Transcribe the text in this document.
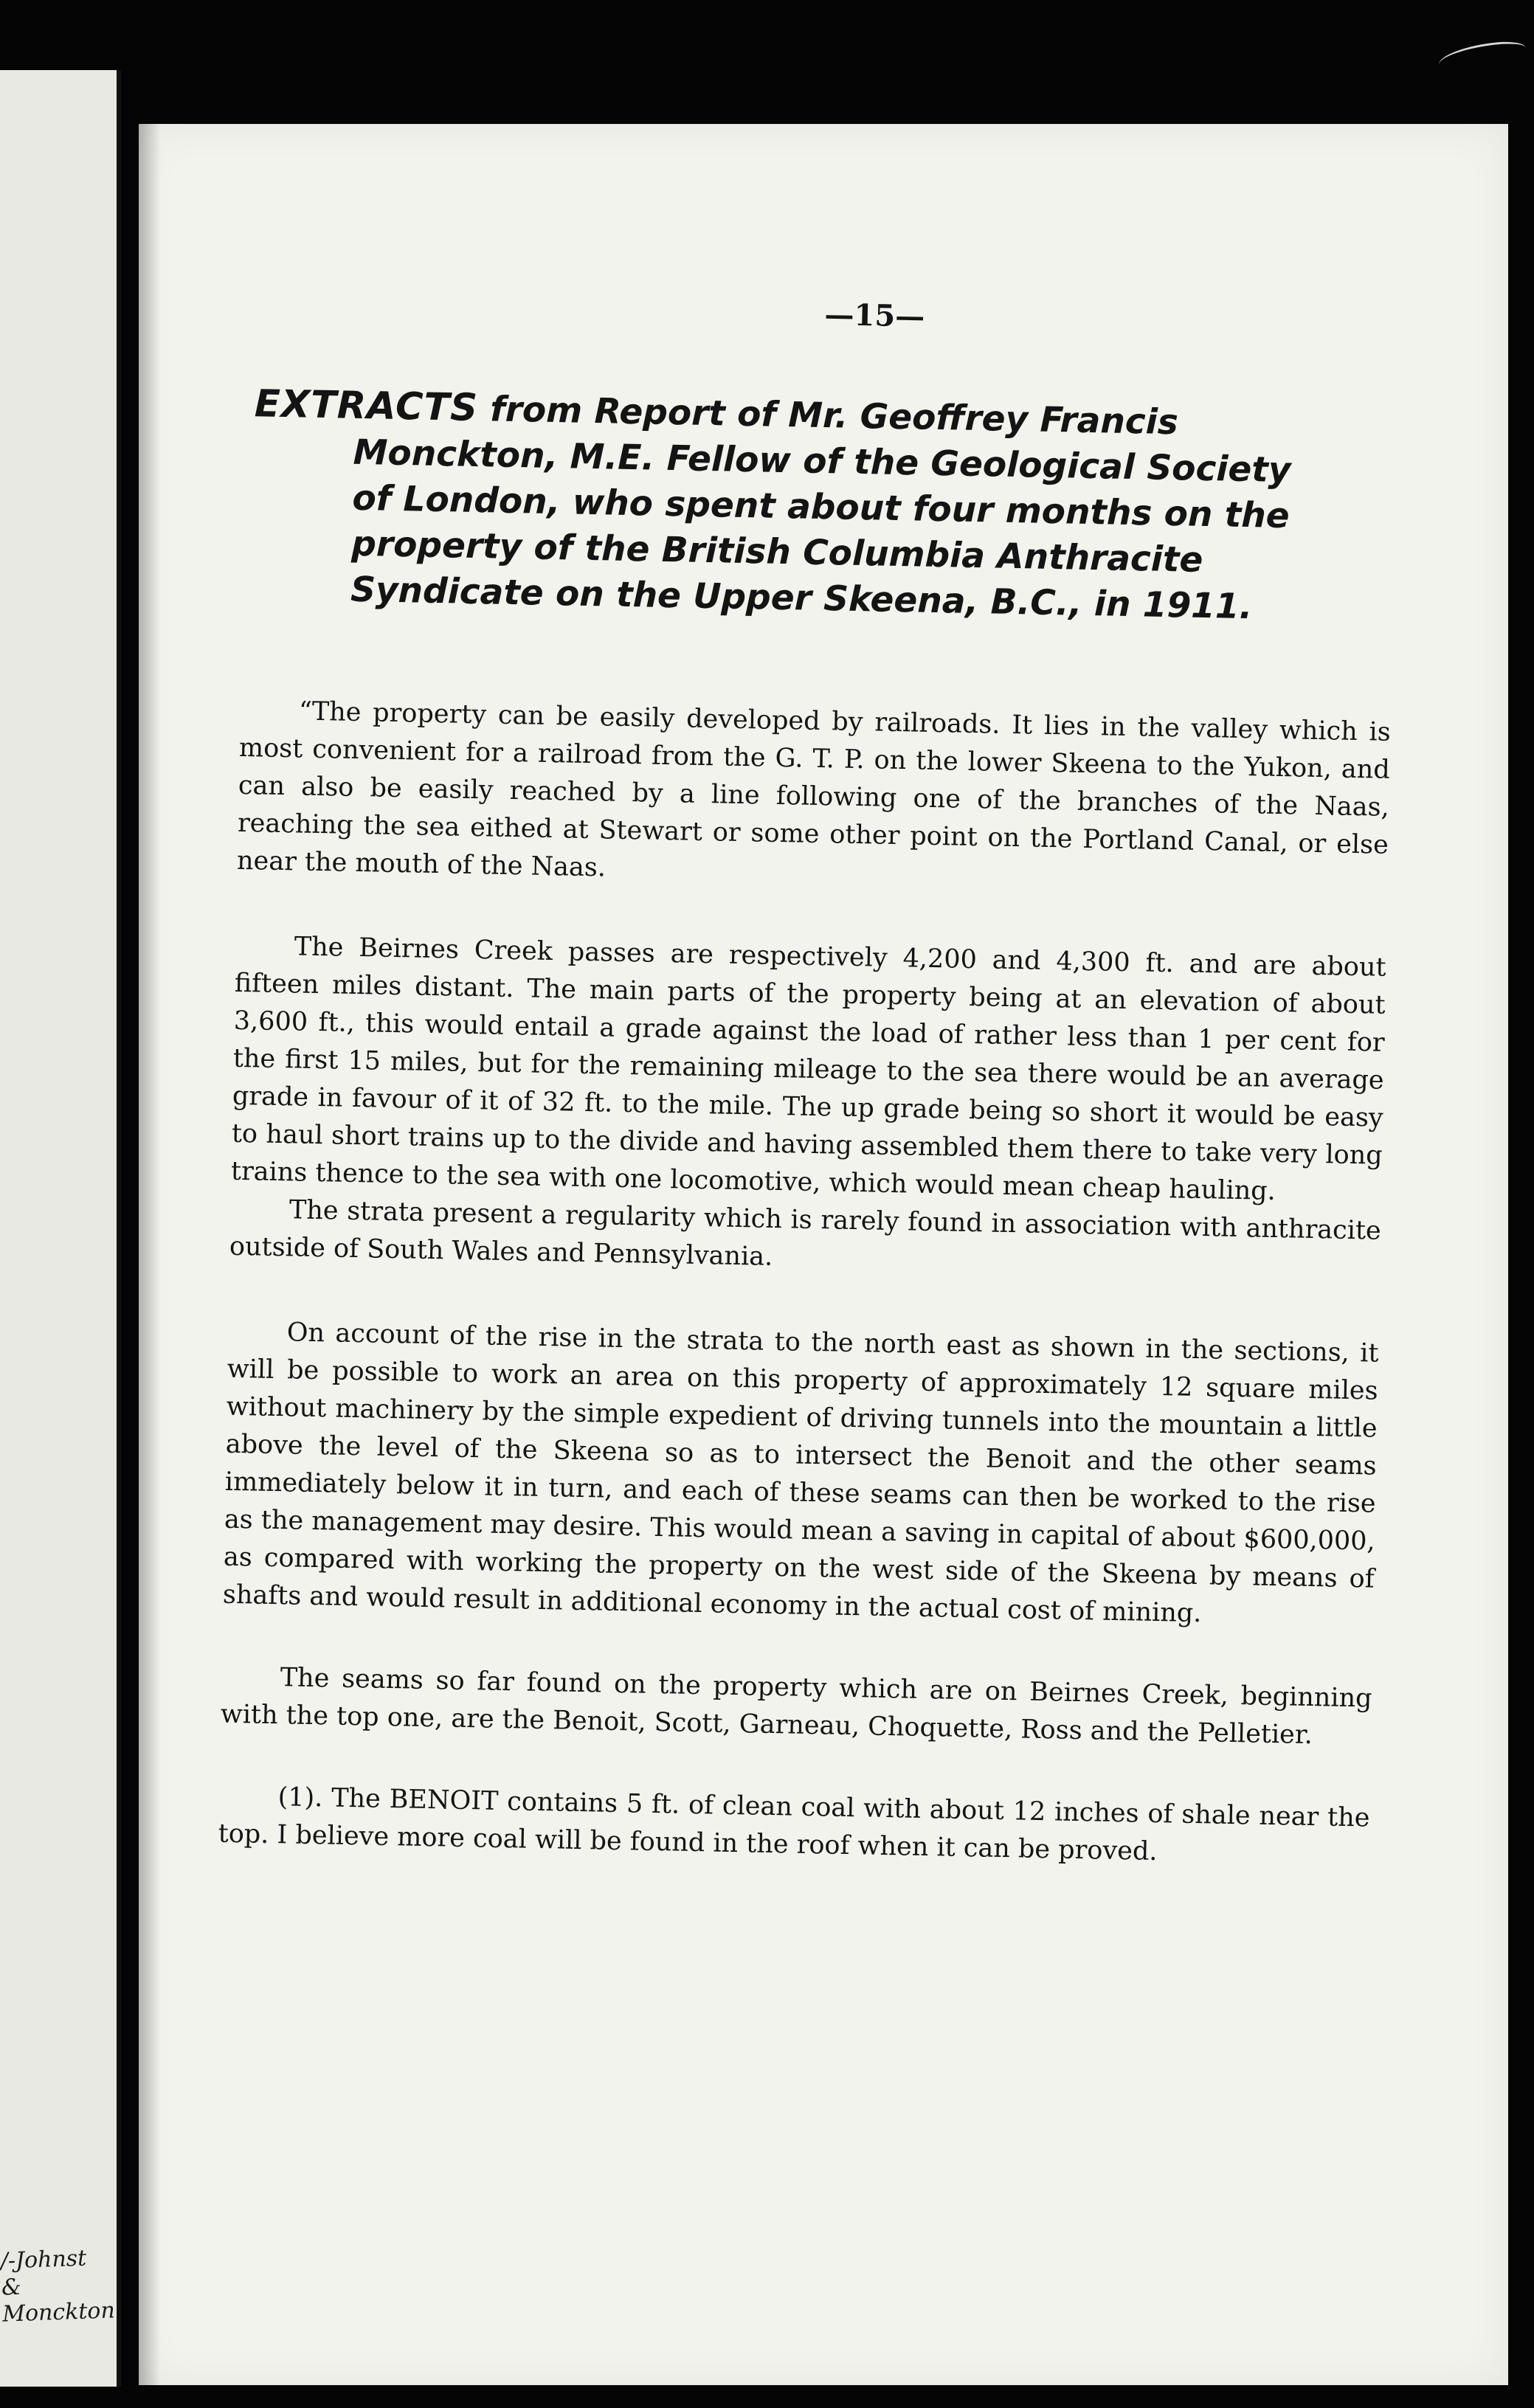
/-Johnst
&
Monckton
—15—
EXTRACTS from Report of Mr. Geoffrey Francis
Monckton, M.E. Fellow of the Geological Society
of London, who spent about four months on the
property of the British Columbia Anthracite
Syndicate on the Upper Skeena, B.C., in 1911.

“The property can be easily developed by railroads. It lies in the valley which is most convenient for a railroad from the G. T. P. on the lower Skeena to the Yukon, and can also be easily reached by a line following one of the branches of the Naas, reaching the sea eithed at Stewart or some other point on the Portland Canal, or else near the mouth of the Naas.

The Beirnes Creek passes are respectively 4,200 and 4,300 ft. and are about fifteen miles distant. The main parts of the property being at an elevation of about 3,600 ft., this would entail a grade against the load of rather less than 1 per cent for the first 15 miles, but for the remaining mileage to the sea there would be an average grade in favour of it of 32 ft. to the mile. The up grade being so short it would be easy to haul short trains up to the divide and having assembled them there to take very long trains thence to the sea with one locomotive, which would mean cheap hauling.

The strata present a regularity which is rarely found in association with anthracite outside of South Wales and Pennsylvania.

On account of the rise in the strata to the north east as shown in the sections, it will be possible to work an area on this property of approximately 12 square miles without machinery by the simple expedient of driving tunnels into the mountain a little above the level of the Skeena so as to intersect the Benoit and the other seams immediately below it in turn, and each of these seams can then be worked to the rise as the management may desire. This would mean a saving in capital of about $600,000, as compared with working the property on the west side of the Skeena by means of shafts and would result in additional economy in the actual cost of mining.

The seams so far found on the property which are on Beirnes Creek, beginning with the top one, are the Benoit, Scott, Garneau, Choquette, Ross and the Pelletier.

(1). The BENOIT contains 5 ft. of clean coal with about 12 inches of shale near the top. I believe more coal will be found in the roof when it can be proved.
